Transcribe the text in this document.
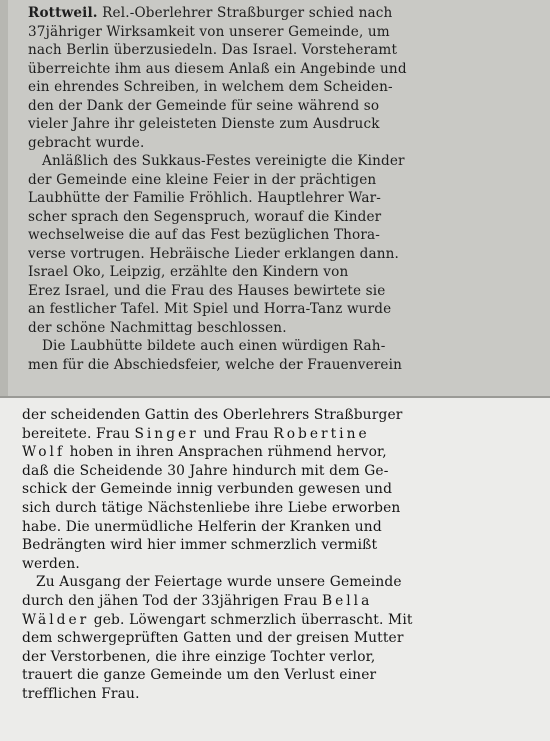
Rottweil. Rel.-Oberlehrer Straßburger schied nach
37jähriger Wirksamkeit von unserer Gemeinde, um
nach Berlin überzusiedeln. Das Israel. Vorsteheramt
überreichte ihm aus diesem Anlaß ein Angebinde und
ein ehrendes Schreiben, in welchem dem Scheiden-
den der Dank der Gemeinde für seine während so
vieler Jahre ihr geleisteten Dienste zum Ausdruck
gebracht wurde.

Anläßlich des Sukkaus-Festes vereinigte die Kinder
der Gemeinde eine kleine Feier in der prächtigen
Laubhütte der Familie Fröhlich. Hauptlehrer War-
scher sprach den Segenspruch, worauf die Kinder
wechselweise die auf das Fest bezüglichen Thora-
verse vortrugen. Hebräische Lieder erklangen dann.
Israel Oko, Leipzig, erzählte den Kindern von
Erez Israel, und die Frau des Hauses bewirtete sie
an festlicher Tafel. Mit Spiel und Horra-Tanz wurde
der schöne Nachmittag beschlossen.

Die Laubhütte bildete auch einen würdigen Rah-
men für die Abschiedsfeier, welche der Frauenverein

der scheidenden Gattin des Oberlehrers Straßburger
bereitete. Frau Singer und Frau Robertine
Wolf hoben in ihren Ansprachen rühmend hervor,
daß die Scheidende 30 Jahre hindurch mit dem Ge-
schick der Gemeinde innig verbunden gewesen und
sich durch tätige Nächstenliebe ihre Liebe erworben
habe. Die unermüdliche Helferin der Kranken und
Bedrängten wird hier immer schmerzlich vermißt
werden.

Zu Ausgang der Feiertage wurde unsere Gemeinde
durch den jähen Tod der 33jährigen Frau Bella
Wälder geb. Löwengart schmerzlich überrascht. Mit
dem schwergeprüften Gatten und der greisen Mutter
der Verstorbenen, die ihre einzige Tochter verlor,
trauert die ganze Gemeinde um den Verlust einer
trefflichen Frau.
